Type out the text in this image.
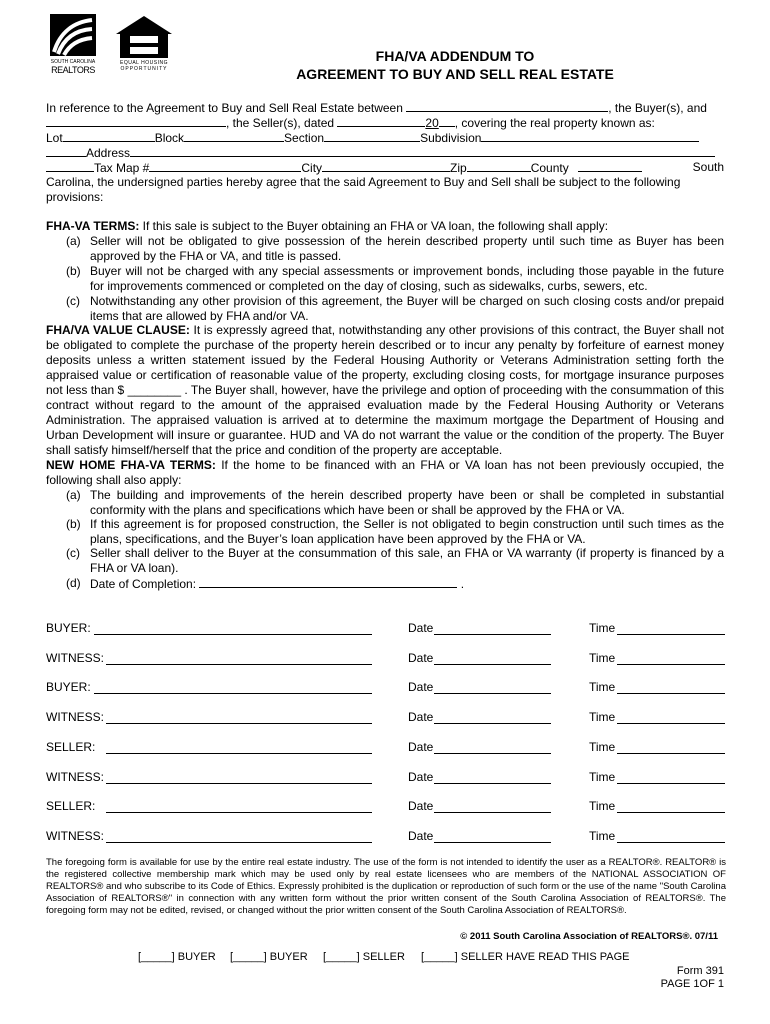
SOUTH CAROLINA
REALTORS
EQUAL HOUSING
OPPORTUNITY
FHA/VA ADDENDUM TO
AGREEMENT TO BUY AND SELL REAL ESTATE
In reference to the Agreement to Buy and Sell Real Estate between	, the Buyer(s), and
, the Seller(s), dated	20 , covering the real property known as:
Lot	Block	Section	Subdivision
Address
Tax Map #	City	Zip	County	South
Carolina, the undersigned parties hereby agree that the said Agreement to Buy and Sell shall be subject to the following
provisions:
FHA-VA TERMS: If this sale is subject to the Buyer obtaining an FHA or VA loan, the following shall apply:
(a) Seller will not be obligated to give possession of the herein described property until such time as Buyer has been approved by the FHA or VA, and title is passed.
(b) Buyer will not be charged with any special assessments or improvement bonds, including those payable in the future for improvements commenced or completed on the day of closing, such as sidewalks, curbs, sewers, etc.
(c) Notwithstanding any other provision of this agreement, the Buyer will be charged on such closing costs and/or prepaid items that are allowed by FHA and/or VA.
FHA/VA VALUE CLAUSE: It is expressly agreed that, notwithstanding any other provisions of this contract, the Buyer shall not be obligated to complete the purchase of the property herein described or to incur any penalty by forfeiture of earnest money deposits unless a written statement issued by the Federal Housing Authority or Veterans Administration setting forth the appraised value or certification of reasonable value of the property, excluding closing costs, for mortgage insurance purposes not less than $ ________ . The Buyer shall, however, have the privilege and option of proceeding with the consummation of this contract without regard to the amount of the appraised evaluation made by the Federal Housing Authority or Veterans Administration. The appraised valuation is arrived at to determine the maximum mortgage the Department of Housing and Urban Development will insure or guarantee. HUD and VA do not warrant the value or the condition of the property. The Buyer shall satisfy himself/herself that the price and condition of the property are acceptable.
NEW HOME FHA-VA TERMS: If the home to be financed with an FHA or VA loan has not been previously occupied, the following shall also apply:
(a) The building and improvements of the herein described property have been or shall be completed in substantial conformity with the plans and specifications which have been or shall be approved by the FHA or VA.
(b) If this agreement is for proposed construction, the Seller is not obligated to begin construction until such times as the plans, specifications, and the Buyer’s loan application have been approved by the FHA or VA.
(c) Seller shall deliver to the Buyer at the consummation of this sale, an FHA or VA warranty (if property is financed by a FHA or VA loan).
(d) Date of Completion:	.
BUYER:	Date	Time
WITNESS:	Date	Time
BUYER:	Date	Time
WITNESS:	Date	Time
SELLER:	Date	Time
WITNESS:	Date	Time
SELLER:	Date	Time
WITNESS:	Date	Time
The foregoing form is available for use by the entire real estate industry. The use of the form is not intended to identify the user as a REALTOR®. REALTOR® is the registered collective membership mark which may be used only by real estate licensees who are members of the NATIONAL ASSOCIATION OF REALTORS® and who subscribe to its Code of Ethics. Expressly prohibited is the duplication or reproduction of such form or the use of the name "South Carolina Association of REALTORS®" in connection with any written form without the prior written consent of the South Carolina Association of REALTORS®. The foregoing form may not be edited, revised, or changed without the prior written consent of the South Carolina Association of REALTORS®.
© 2011 South Carolina Association of REALTORS®. 07/11
[_____] BUYER [_____] BUYER [_____] SELLER [_____] SELLER HAVE READ THIS PAGE
Form 391
PAGE 1OF 1
